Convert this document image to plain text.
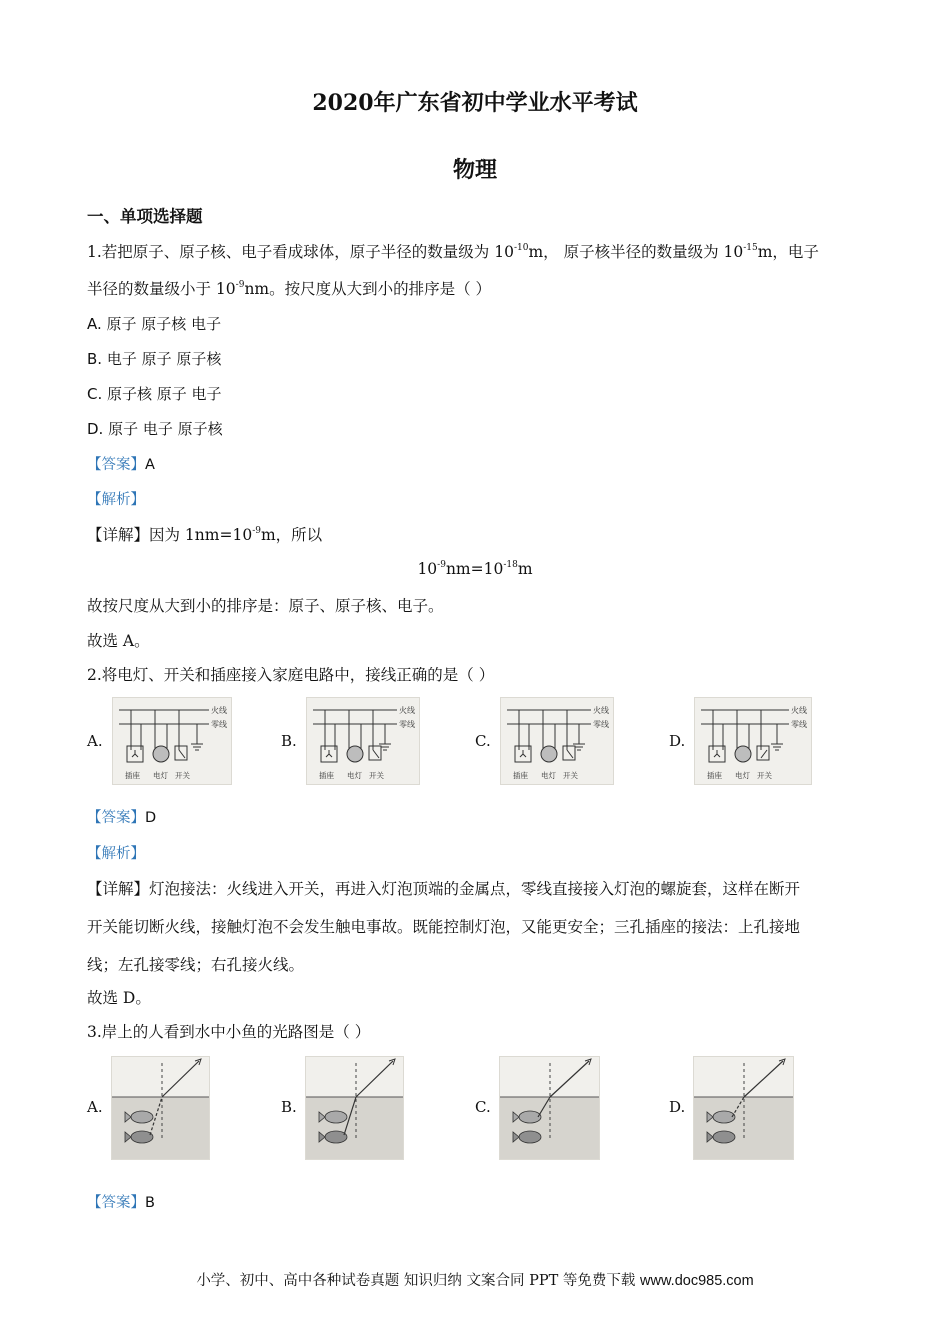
2020年广东省初中学业水平考试
物理
一、单项选择题
1.若把原子、原子核、电子看成球体，原子半径的数量级为 $10^{-10}m$， 原子核半径的数量级为 $10^{-15}m$，电子
半径的数量级小于 $10^{-9}nm$。按尺度从大到小的排序是（ ）
A. 原子 原子核 电子
B. 电子 原子 原子核
C. 原子核 原子 电子
D. 原子 电子 原子核
【答案】A
【解析】
【详解】因为 $1nm=10^{-9}m$，所以
$10^{-9}nm=10^{-18}m$
故按尺度从大到小的排序是：原子、原子核、电子。
故选 A。
2.将电灯、开关和插座接入家庭电路中，接线正确的是（ ）
A.
火线
零线
插座 电灯 开关
B.
火线
零线
插座 电灯 开关
C.
火线
零线
插座 电灯 开关
D.
火线
零线
插座 电灯 开关
【答案】D
【解析】
【详解】灯泡接法：火线进入开关，再进入灯泡顶端的金属点，零线直接接入灯泡的螺旋套，这样在断开
开关能切断火线，接触灯泡不会发生触电事故。既能控制灯泡，又能更安全；三孔插座的接法：上孔接地
线；左孔接零线；右孔接火线。
故选 D。
3.岸上的人看到水中小鱼的光路图是（ ）
A.	B.	C.	D.
【答案】B
小学、初中、高中各种试卷真题 知识归纳 文案合同 PPT 等免费下载 www.doc985.com
